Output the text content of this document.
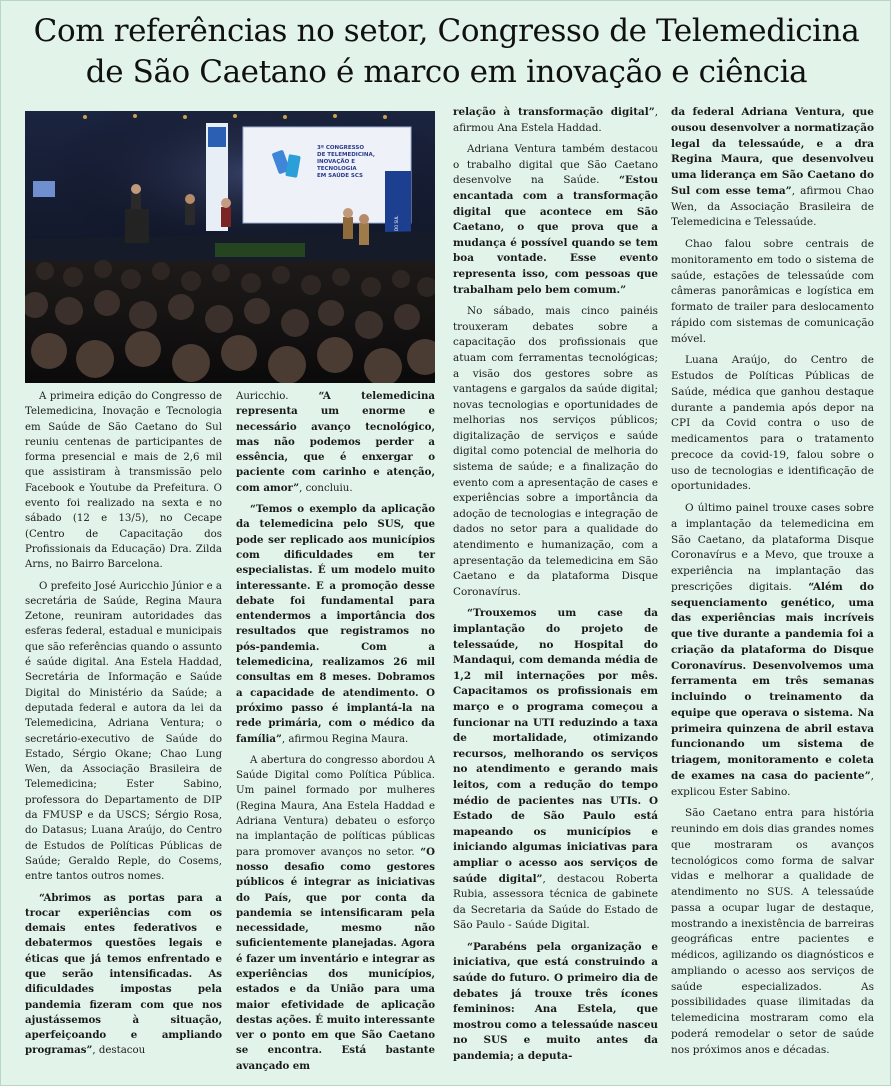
Com referências no setor, Congresso de Telemedicina
de São Caetano é marco em inovação e ciência
3º CONGRESSO
DE TELEMEDICINA,
INOVAÇÃO E
TECNOLOGIA
EM SAÚDE SCS

A primeira edição do Congresso de Telemedicina, Inovação e Tecnologia em Saúde de São Caetano do Sul reuniu centenas de participantes de forma presencial e mais de 2,6 mil que assistiram à transmissão pelo Facebook e Youtube da Prefeitura. O evento foi realizado na sexta e no sábado (12 e 13/5), no Cecape (Centro de Capacitação dos Profissionais da Educação) Dra. Zilda Arns, no Bairro Barcelona.

O prefeito José Auricchio Júnior e a secretária de Saúde, Regina Maura Zetone, reuniram autoridades das esferas federal, estadual e municipais que são referências quando o assunto é saúde digital. Ana Estela Haddad, Secretária de Informação e Saúde Digital do Ministério da Saúde; a deputada federal e autora da lei da Telemedicina, Adriana Ventura; o secretário-executivo de Saúde do Estado, Sérgio Okane; Chao Lung Wen, da Associação Brasileira de Telemedicina; Ester Sabino, professora do Departamento de DIP da FMUSP e da USCS; Sérgio Rosa, do Datasus; Luana Araújo, do Centro de Estudos de Políticas Públicas de Saúde; Geraldo Reple, do Cosems, entre tantos outros nomes.

“Abrimos as portas para a trocar experiências com os demais entes federativos e debatermos questões legais e éticas que já temos enfrentado e que serão intensificadas. As dificuldades impostas pela pandemia fizeram com que nos ajustássemos à situação, aperfeiçoando e ampliando programas”, destacou

Auricchio. “A telemedicina representa um enorme e necessário avanço tecnológico, mas não podemos perder a essência, que é enxergar o paciente com carinho e atenção, com amor”, concluiu.

“Temos o exemplo da aplicação da telemedicina pelo SUS, que pode ser replicado aos municípios com dificuldades em ter especialistas. É um modelo muito interessante. E a promoção desse debate foi fundamental para entendermos a importância dos resultados que registramos no pós-pandemia. Com a telemedicina, realizamos 26 mil consultas em 8 meses. Dobramos a capacidade de atendimento. O próximo passo é implantá-la na rede primária, com o médico da família”, afirmou Regina Maura.

A abertura do congresso abordou A Saúde Digital como Política Pública. Um painel formado por mulheres (Regina Maura, Ana Estela Haddad e Adriana Ventura) debateu o esforço na implantação de políticas públicas para promover avanços no setor. “O nosso desafio como gestores públicos é integrar as iniciativas do País, que por conta da pandemia se intensificaram pela necessidade, mesmo não suficientemente planejadas. Agora é fazer um inventário e integrar as experiências dos municípios, estados e da União para uma maior efetividade de aplicação destas ações. É muito interessante ver o ponto em que São Caetano se encontra. Está bastante avançado em

relação à transformação digital”, afirmou Ana Estela Haddad.

Adriana Ventura também destacou o trabalho digital que São Caetano desenvolve na Saúde. “Estou encantada com a transformação digital que acontece em São Caetano, o que prova que a mudança é possível quando se tem boa vontade. Esse evento representa isso, com pessoas que trabalham pelo bem comum.”

No sábado, mais cinco painéis trouxeram debates sobre a capacitação dos profissionais que atuam com ferramentas tecnológicas; a visão dos gestores sobre as vantagens e gargalos da saúde digital; novas tecnologias e oportunidades de melhorias nos serviços públicos; digitalização de serviços e saúde digital como potencial de melhoria do sistema de saúde; e a finalização do evento com a apresentação de cases e experiências sobre a importância da adoção de tecnologias e integração de dados no setor para a qualidade do atendimento e humanização, com a apresentação da telemedicina em São Caetano e da plataforma Disque Coronavírus.

“Trouxemos um case da implantação do projeto de telessaúde, no Hospital do Mandaqui, com demanda média de 1,2 mil internações por mês. Capacitamos os profissionais em março e o programa começou a funcionar na UTI reduzindo a taxa de mortalidade, otimizando recursos, melhorando os serviços no atendimento e gerando mais leitos, com a redução do tempo médio de pacientes nas UTIs. O Estado de São Paulo está mapeando os municípios e iniciando algumas iniciativas para ampliar o acesso aos serviços de saúde digital”, destacou Roberta Rubia, assessora técnica de gabinete da Secretaria da Saúde do Estado de São Paulo - Saúde Digital.

“Parabéns pela organização e iniciativa, que está construindo a saúde do futuro. O primeiro dia de debates já trouxe três ícones femininos: Ana Estela, que mostrou como a telessaúde nasceu no SUS e muito antes da pandemia; a deputa-

da federal Adriana Ventura, que ousou desenvolver a normatização legal da telessaúde, e a dra Regina Maura, que desenvolveu uma liderança em São Caetano do Sul com esse tema”, afirmou Chao Wen, da Associação Brasileira de Telemedicina e Telessaúde.

Chao falou sobre centrais de monitoramento em todo o sistema de saúde, estações de telessaúde com câmeras panorâmicas e logística em formato de trailer para deslocamento rápido com sistemas de comunicação móvel.

Luana Araújo, do Centro de Estudos de Políticas Públicas de Saúde, médica que ganhou destaque durante a pandemia após depor na CPI da Covid contra o uso de medicamentos para o tratamento precoce da covid-19, falou sobre o uso de tecnologias e identificação de oportunidades.

O último painel trouxe cases sobre a implantação da telemedicina em São Caetano, da plataforma Disque Coronavírus e a Mevo, que trouxe a experiência na implantação das prescrições digitais. “Além do sequenciamento genético, uma das experiências mais incríveis que tive durante a pandemia foi a criação da plataforma do Disque Coronavírus. Desenvolvemos uma ferramenta em três semanas incluindo o treinamento da equipe que operava o sistema. Na primeira quinzena de abril estava funcionando um sistema de triagem, monitoramento e coleta de exames na casa do paciente”, explicou Ester Sabino.

São Caetano entra para história reunindo em dois dias grandes nomes que mostraram os avanços tecnológicos como forma de salvar vidas e melhorar a qualidade de atendimento no SUS. A telessaúde passa a ocupar lugar de destaque, mostrando a inexistência de barreiras geográficas entre pacientes e médicos, agilizando os diagnósticos e ampliando o acesso aos serviços de saúde especializados. As possibilidades quase ilimitadas da telemedicina mostraram como ela poderá remodelar o setor de saúde nos próximos anos e décadas.
